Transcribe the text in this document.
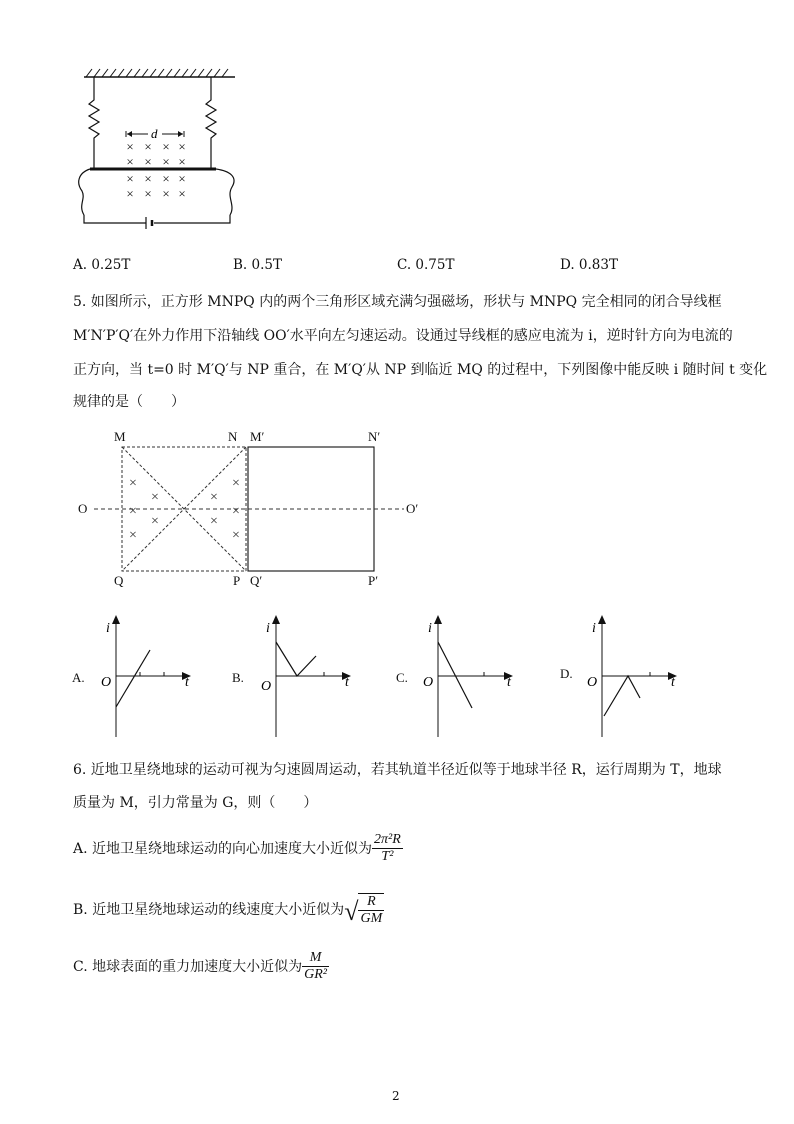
d
× × × ×
× × × ×
× × × ×
× × × ×
A. 0.25T	B. 0.5T	C. 0.75T	D. 0.83T
5. 如图所示，正方形 MNPQ 内的两个三角形区域充满匀强磁场，形状与 MNPQ 完全相同的闭合导线框
M′N′P′Q′在外力作用下沿轴线 OO′水平向左匀速运动。设通过导线框的感应电流为 i，逆时针方向为电流的
正方向，当 t=0 时 M′Q′与 NP 重合，在 M′Q′从 NP 到临近 MQ 的过程中，下列图像中能反映 i 随时间 t 变化
规律的是（　　）
M	N M′	N′
Q	P Q′	P′
O	O′
×
×
×
×
×
×
×
×
×
×
A.
i
O	t	B.
i
O	t	C.
i
O	t
D.
i
O	t
6. 近地卫星绕地球的运动可视为匀速圆周运动，若其轨道半径近似等于地球半径 R，运行周期为 T，地球
质量为 M，引力常量为 G，则（　　）
A. 近地卫星绕地球运动的向心加速度大小近似为 $\frac{\text{2π²R}}{\text{T²}}$
B. 近地卫星绕地球运动的线速度大小近似为 √ $\frac{R}{GM}$
C. 地球表面的重力加速度大小近似为 $\frac{M}{\text{GR²}}$
2
